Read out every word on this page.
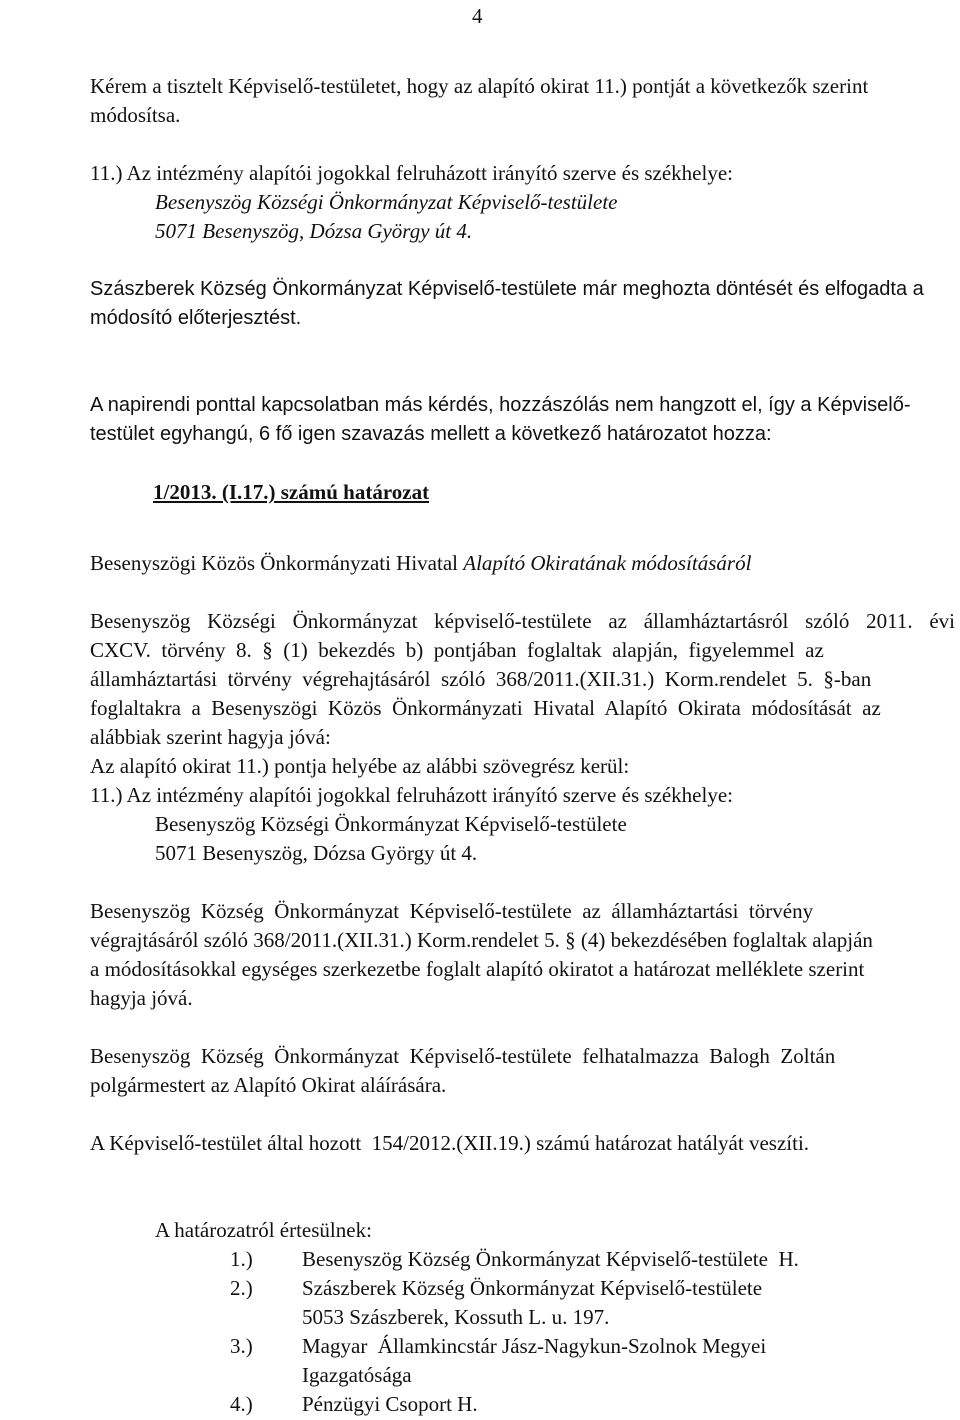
4
Kérem a tisztelt Képviselő-testületet, hogy az alapító okirat 11.) pontját a következők szerint
módosítsa.
11.) Az intézmény alapítói jogokkal felruházott irányító szerve és székhelye:
Besenyszög Községi Önkormányzat Képviselő-testülete
5071 Besenyszög, Dózsa György út 4.
Szászberek Község Önkormányzat Képviselő-testülete már meghozta döntését és elfogadta a
módosító előterjesztést.
A napirendi ponttal kapcsolatban más kérdés, hozzászólás nem hangzott el, így a Képviselő-
testület egyhangú, 6 fő igen szavazás mellett a következő határozatot hozza:
1/2013. (I.17.) számú határozat
Besenyszögi Közös Önkormányzati Hivatal Alapító Okiratának módosításáról
Besenyszög Községi Önkormányzat képviselő-testülete az államháztartásról szóló 2011. évi
CXCV.  törvény  8.  §  (1)  bekezdés  b)  pontjában  foglaltak  alapján,  figyelemmel  az
államháztartási  törvény  végrehajtásáról  szóló  368/2011.(XII.31.)  Korm.rendelet  5.  §-ban
foglaltakra  a  Besenyszögi  Közös  Önkormányzati  Hivatal  Alapító  Okirata  módosítását  az
alábbiak szerint hagyja jóvá:
Az alapító okirat 11.) pontja helyébe az alábbi szövegrész kerül:
11.) Az intézmény alapítói jogokkal felruházott irányító szerve és székhelye:
Besenyszög Községi Önkormányzat Képviselő-testülete
5071 Besenyszög, Dózsa György út 4.
Besenyszög  Község  Önkormányzat  Képviselő-testülete  az  államháztartási  törvény
végrajtásáról szóló 368/2011.(XII.31.) Korm.rendelet 5. § (4) bekezdésében foglaltak alapján
a módosításokkal egységes szerkezetbe foglalt alapító okiratot a határozat melléklete szerint
hagyja jóvá.
Besenyszög  Község  Önkormányzat  Képviselő-testülete  felhatalmazza  Balogh  Zoltán
polgármestert az Alapító Okirat aláírására.
A Képviselő-testület által hozott  154/2012.(XII.19.) számú határozat hatályát veszíti.
A határozatról értesülnek:
1.) Besenyszög Község Önkormányzat Képviselő-testülete  H.
2.) Szászberek Község Önkormányzat Képviselő-testülete
5053 Szászberek, Kossuth L. u. 197.
3.) Magyar  Államkincstár Jász-Nagykun-Szolnok Megyei
Igazgatósága
4.) Pénzügyi Csoport H.
